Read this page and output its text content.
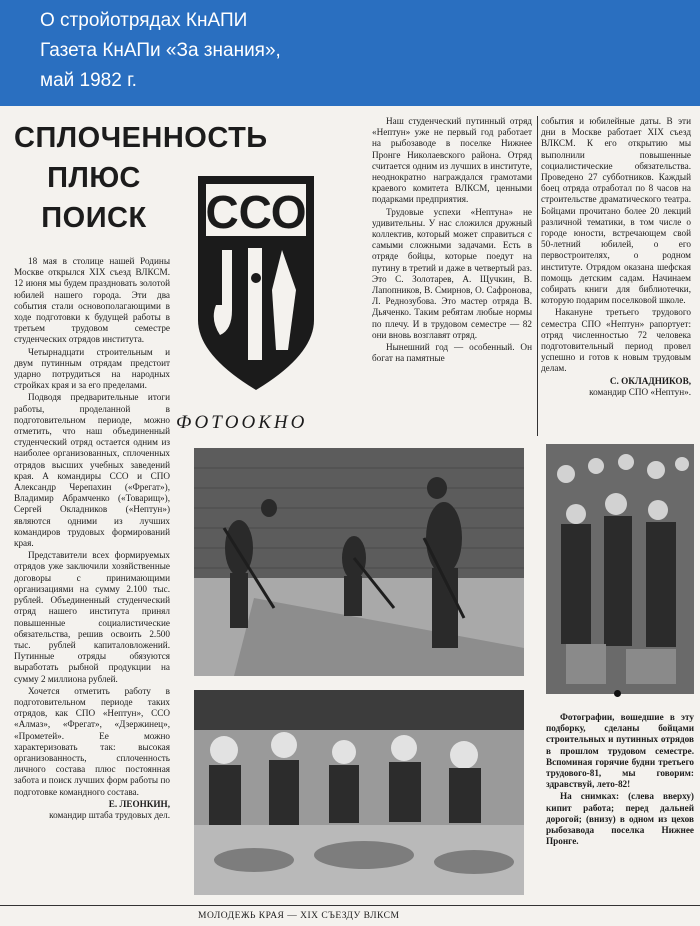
О стройотрядах КнАПИ
Газета КнАПи «За знания»,
май 1982 г.
СПЛОЧЕННОСТЬ
ПЛЮС
ПОИСК

18 мая в столице нашей Родины Москве открылся XIX съезд ВЛКСМ. 12 июня мы будем праздновать золотой юбилей нашего города. Эти два события стали основополагающими в ходе подготовки к будущей работы в третьем трудовом семестре студенческих отрядов института.

Четырнадцати строительным и двум путинным отрядам предстоит ударно потрудиться на народных стройках края и за его пределами.

Подводя предварительные итоги работы, проделанной в подготовительном периоде, можно отметить, что наш объединенный студенческий отряд остается одним из наиболее организованных, сплоченных отрядов высших учебных заведений края. А командиры ССО и СПО Александр Черепахин («Фрегат»), Владимир Абрамченко («Товарищ»), Сергей Окладников («Нептун») являются одними из лучших командиров трудовых формирований края.

Представители всех формируемых отрядов уже заключили хозяйственные договоры с принимающими организациями на сумму 2.100 тыс. рублей. Объединенный студенческий отряд нашего института принял повышенные социалистические обязательства, решив освоить 2.500 тыс. рублей капиталовложений. Путинные отряды обязуются выработать рыбной продукции на сумму 2 миллиона рублей.

Хочется отметить работу в подготовительном периоде таких отрядов, как СПО «Нептун», ССО «Алмаз», «Фрегат», «Дзержинец», «Прометей». Ее можно характеризовать так: высокая организованность, сплоченность личного состава плюс постоянная забота и поиск лучших форм работы по подготовке командного состава.

Е. ЛЕОНКИН,
командир штаба трудовых дел.
ССО
ФОТООКНО

Наш студенческий путинный отряд «Нептун» уже не первый год работает на рыбозаводе в поселке Нижнее Пронге Николаевского района. Отряд считается одним из лучших в институте, неоднократно награждался грамотами краевого комитета ВЛКСМ, ценными подарками предприятия.

Трудовые успехи «Нептуна» не удивительны. У нас сложился дружный коллектив, который может справиться с самыми сложными задачами. Есть в отряде бойцы, которые поедут на путину в третий и даже в четвертый раз. Это С. Золотарев, А. Щучкин, В. Лапопников, В. Смирнов, О. Сафронова, Л. Реднозубова. Это мастер отряда В. Дьяченко. Таким ребятам любые нормы по плечу. И в трудовом семестре — 82 они вновь возглавят отряд.

Нынешний год — особенный. Он богат на памятные

события и юбилейные даты. В эти дни в Москве работает XIX съезд ВЛКСМ. К его открытию мы выполнили повышенные социалистические обязательства. Проведено 27 субботников. Каждый боец отряда отработал по 8 часов на строительстве драматического театра. Бойцами прочитано более 20 лекций различной тематики, в том числе о городе юности, встречающем свой 50-летний юбилей, о его первостроителях, о родном институте. Отрядом оказана шефская помощь детским садам. Начинаем собирать книги для библиотечки, которую подарим поселковой школе.

Накануне третьего трудового семестра СПО «Нептун» рапортует: отряд численностью 72 человека подготовительный период провел успешно и готов к новым трудовым делам.

С. ОКЛАДНИКОВ,
командир СПО «Нептун».

Фотографии, вошедшие в эту подборку, сделаны бойцами строительных и путинных отрядов в прошлом трудовом семестре. Вспоминая горячие будни третьего трудового-81, мы говорим: здравствуй, лето-82!

На снимках: (слева вверху) кипит работа; перед дальней дорогой; (внизу) в одном из цехов рыбозавода поселка Нижнее Пронге.

МОЛОДЕЖЬ КРАЯ — XIX СЪЕЗДУ ВЛКСМ
